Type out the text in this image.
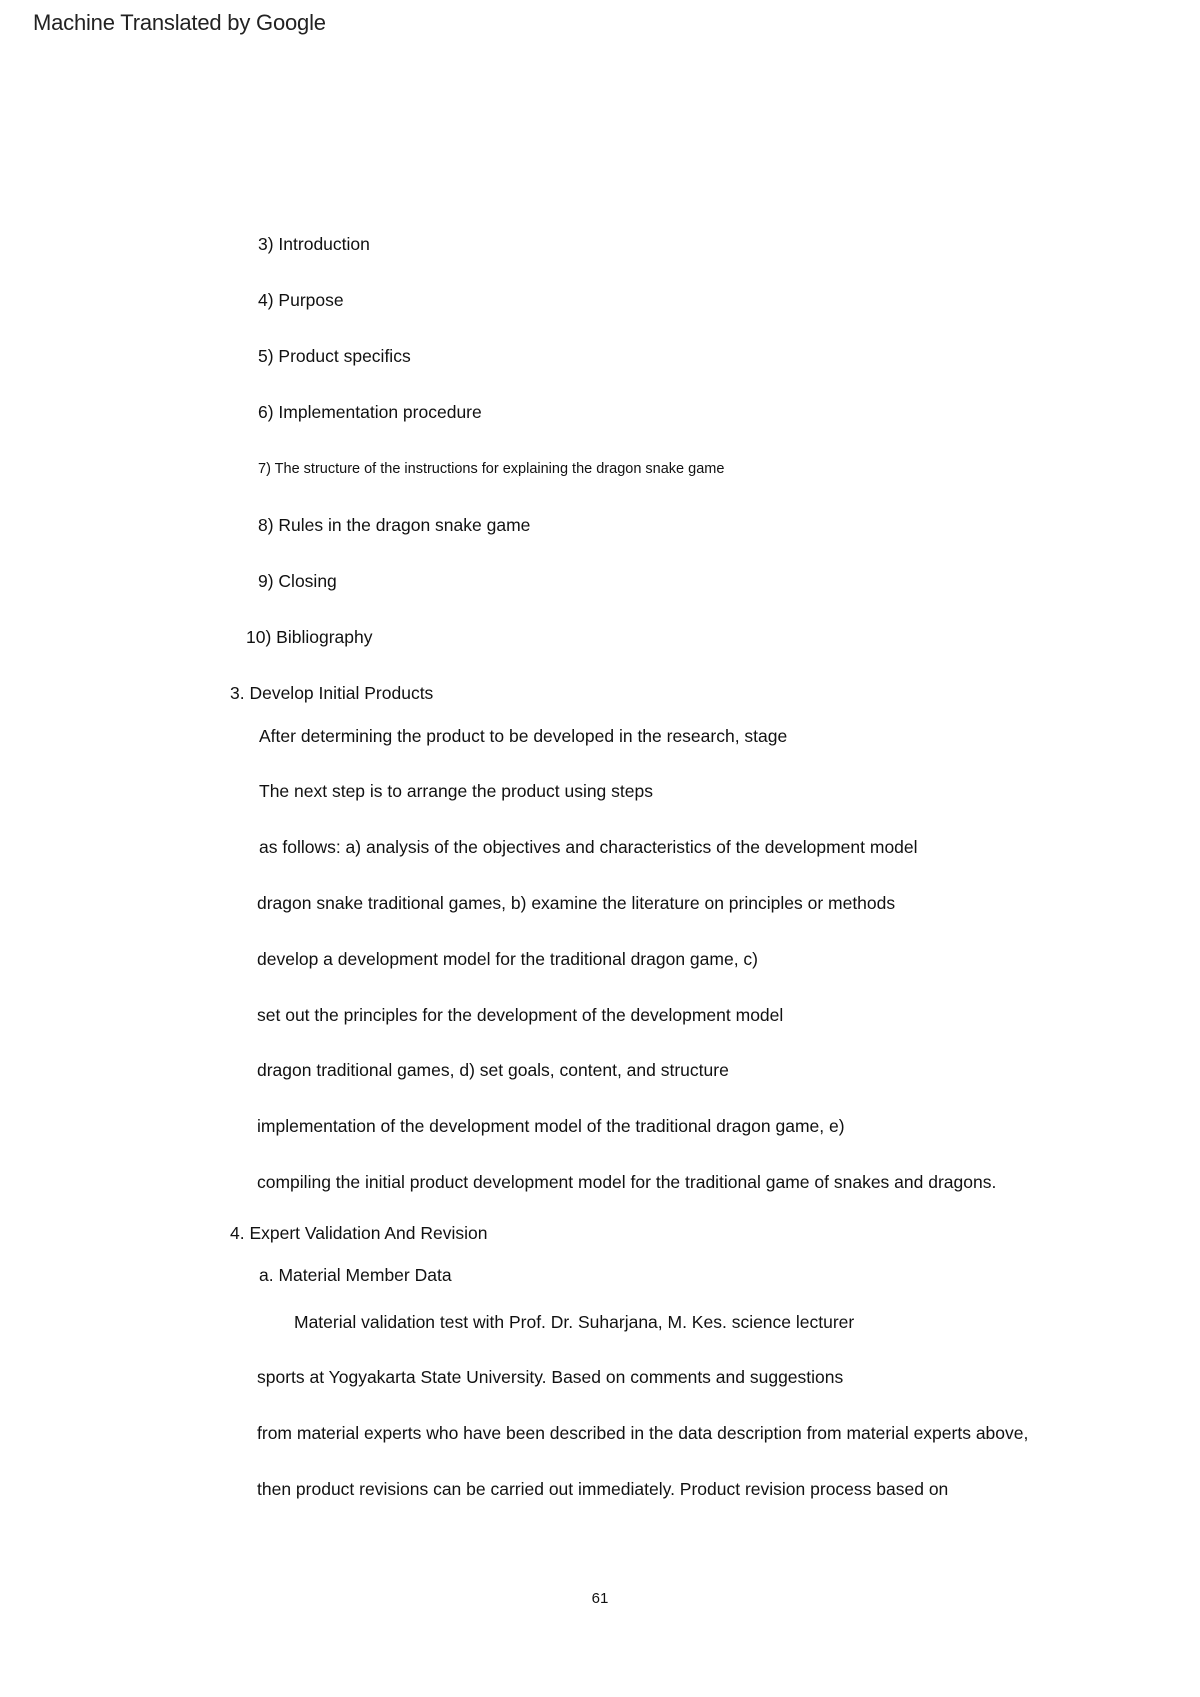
Machine Translated by Google
3) Introduction
4) Purpose
5) Product specifics
6) Implementation procedure
7) The structure of the instructions for explaining the dragon snake game
8) Rules in the dragon snake game
9) Closing
10) Bibliography
3. Develop Initial Products
After determining the product to be developed in the research, stage
The next step is to arrange the product using steps
as follows: a) analysis of the objectives and characteristics of the development model
dragon snake traditional games, b) examine the literature on principles or methods
develop a development model for the traditional dragon game, c)
set out the principles for the development of the development model
dragon traditional games, d) set goals, content, and structure
implementation of the development model of the traditional dragon game, e)
compiling the initial product development model for the traditional game of snakes and dragons.
4. Expert Validation And Revision
a. Material Member Data
Material validation test with Prof. Dr. Suharjana, M. Kes. science lecturer
sports at Yogyakarta State University. Based on comments and suggestions
from material experts who have been described in the data description from material experts above,
then product revisions can be carried out immediately. Product revision process based on
61
